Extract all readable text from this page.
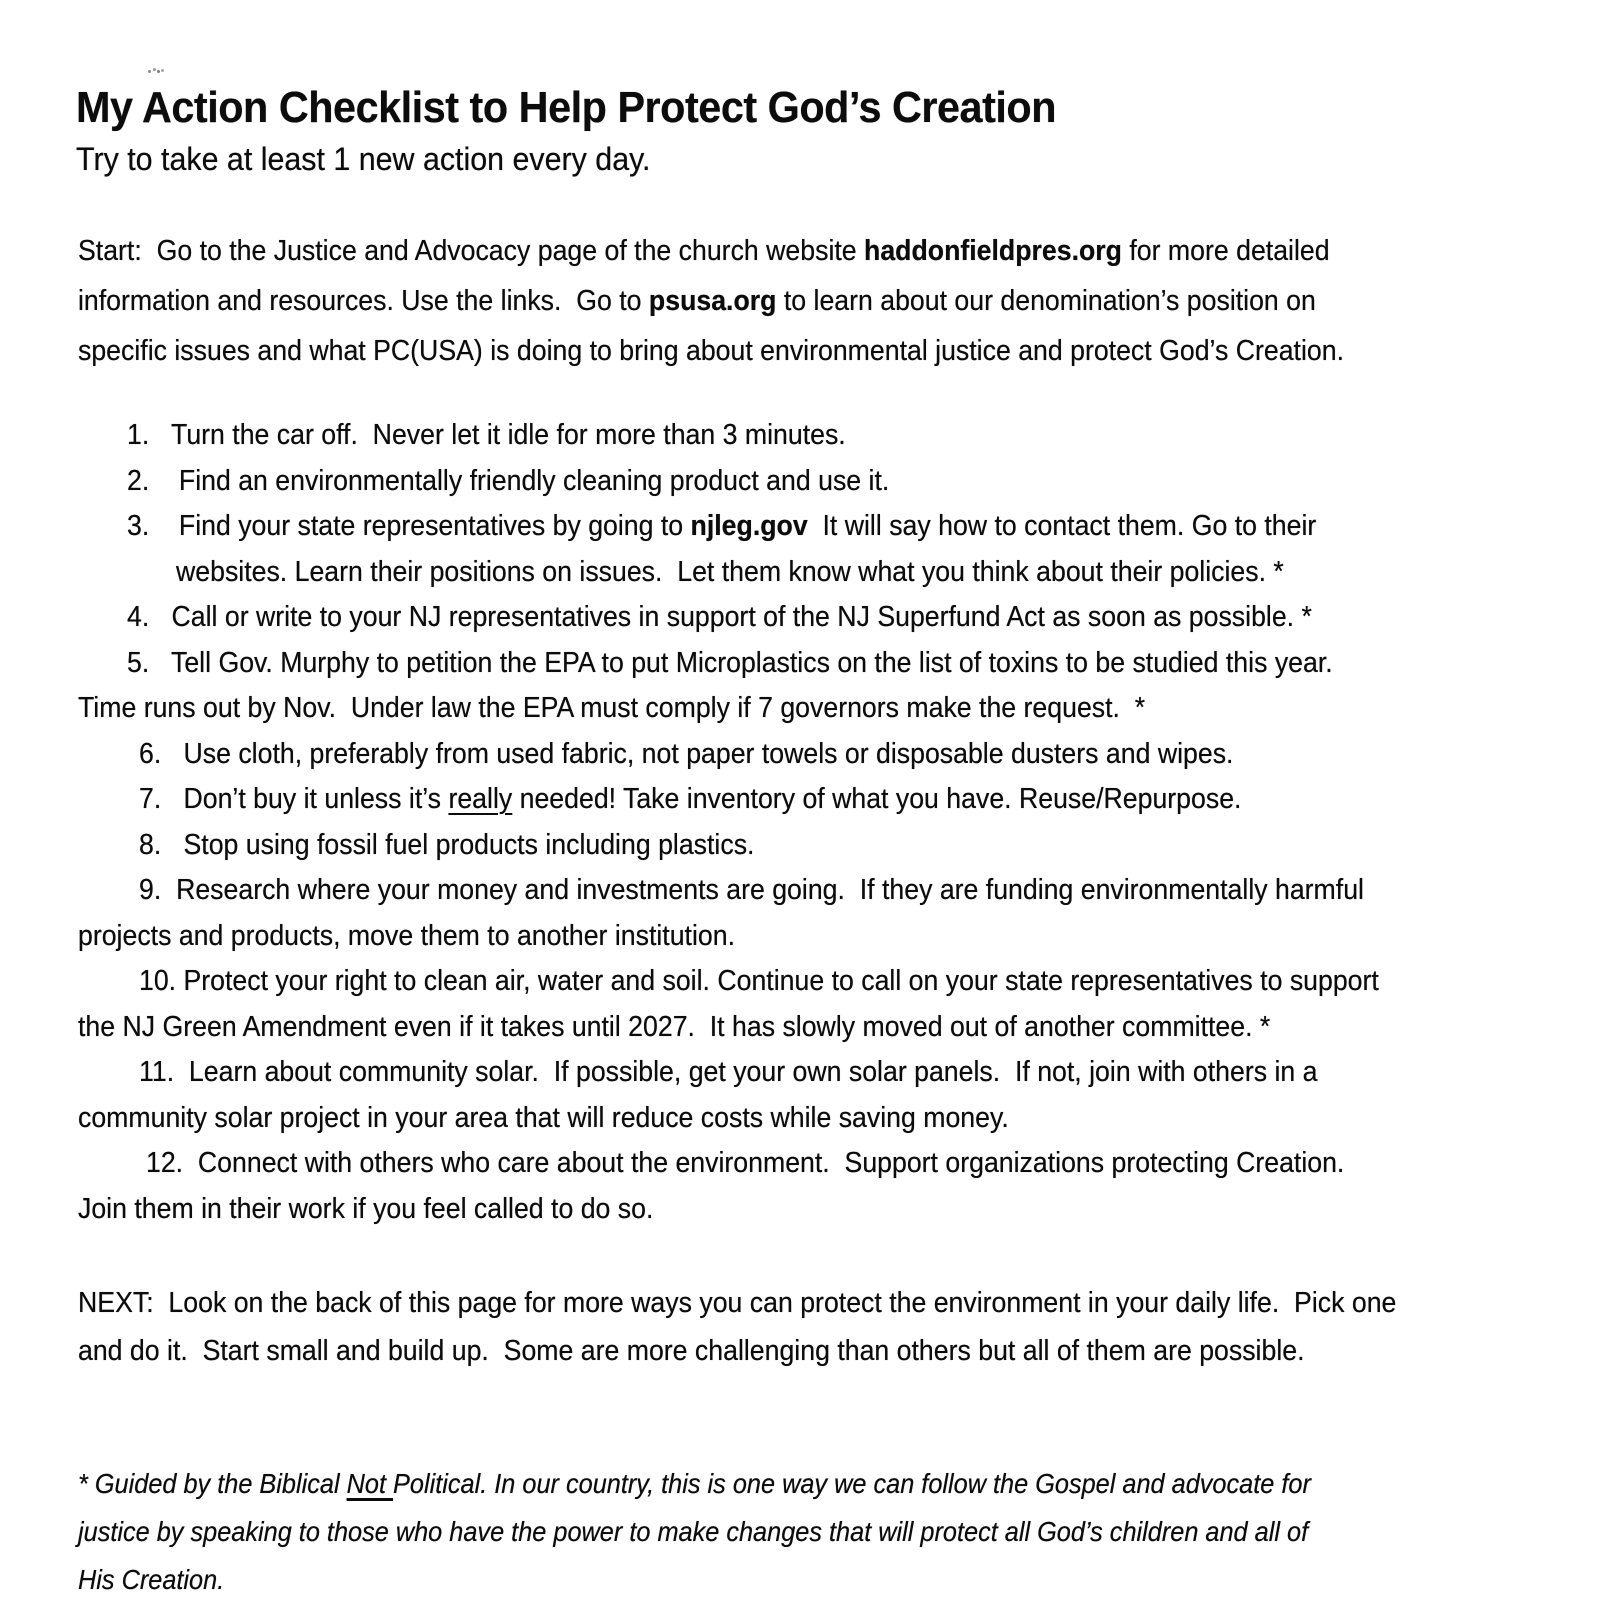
My Action Checklist to Help Protect God’s Creation
Try to take at least 1 new action every day.
Start:  Go to the Justice and Advocacy page of the church website haddonfieldpres.org for more detailed
information and resources. Use the links.  Go to psusa.org to learn about our denomination’s position on
specific issues and what PC(USA) is doing to bring about environmental justice and protect God’s Creation.
1.   Turn the car off.  Never let it idle for more than 3 minutes.
2.    Find an environmentally friendly cleaning product and use it.
3.    Find your state representatives by going to njleg.gov  It will say how to contact them. Go to their
websites. Learn their positions on issues.  Let them know what you think about their policies. *
4.   Call or write to your NJ representatives in support of the NJ Superfund Act as soon as possible. *
5.   Tell Gov. Murphy to petition the EPA to put Microplastics on the list of toxins to be studied this year.
Time runs out by Nov.  Under law the EPA must comply if 7 governors make the request.  *
6.   Use cloth, preferably from used fabric, not paper towels or disposable dusters and wipes.
7.   Don’t buy it unless it’s really needed! Take inventory of what you have. Reuse/Repurpose.
8.   Stop using fossil fuel products including plastics.
9.  Research where your money and investments are going.  If they are funding environmentally harmful
projects and products, move them to another institution.
10. Protect your right to clean air, water and soil. Continue to call on your state representatives to support
the NJ Green Amendment even if it takes until 2027.  It has slowly moved out of another committee. *
11.  Learn about community solar.  If possible, get your own solar panels.  If not, join with others in a
community solar project in your area that will reduce costs while saving money.
12.  Connect with others who care about the environment.  Support organizations protecting Creation.
Join them in their work if you feel called to do so.
NEXT:  Look on the back of this page for more ways you can protect the environment in your daily life.  Pick one
and do it.  Start small and build up.  Some are more challenging than others but all of them are possible.
* Guided by the Biblical Not Political. In our country, this is one way we can follow the Gospel and advocate for
justice by speaking to those who have the power to make changes that will protect all God’s children and all of
His Creation.
